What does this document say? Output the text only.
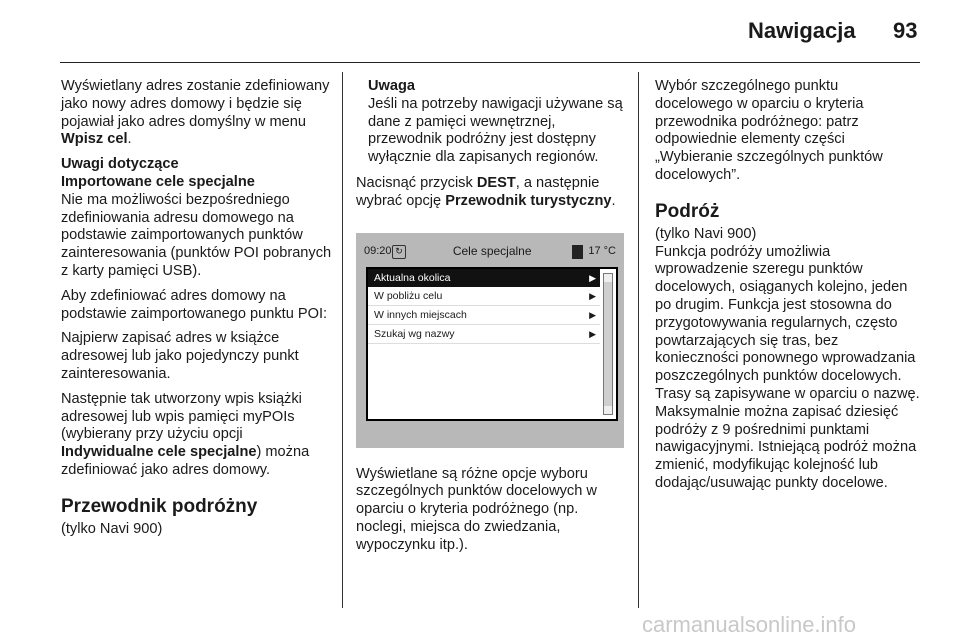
Nawigacja 93

Wyświetlany adres zostanie zdefiniowany jako nowy adres domowy i będzie się pojawiał jako adres domyślny w menu Wpisz cel.

Uwagi dotyczące
Importowane cele specjalne
Nie ma możliwości bezpośredniego zdefiniowania adresu domowego na podstawie zaimportowanych punktów zainteresowania (punktów POI pobranych z karty pamięci USB).

Aby zdefiniować adres domowy na podstawie zaimportowanego punktu POI:

Najpierw zapisać adres w książce adresowej lub jako pojedynczy punkt zainteresowania.

Następnie tak utworzony wpis książki adresowej lub wpis pamięci myPOIs (wybierany przy użyciu opcji Indywidualne cele specjalne) można zdefiniować jako adres domowy.

Przewodnik podróżny
(tylko Navi 900)
Uwaga
Jeśli na potrzeby nawigacji używane są dane z pamięci wewnętrznej, przewodnik podróżny jest dostępny wyłącznie dla zapisanych regionów.

Nacisnąć przycisk DEST, a następnie wybrać opcję Przewodnik turystyczny.

09:20 ↻	Cele specjalne	17 °C
Aktualna okolica	▶
W pobliżu celu	▶
W innych miejscach	▶
Szukaj wg nazwy	▶

Wyświetlane są różne opcje wyboru szczególnych punktów docelowych w oparciu o kryteria podróżnego (np. noclegi, miejsca do zwiedzania, wypoczynku itp.).

Wybór szczególnego punktu docelowego w oparciu o kryteria przewodnika podróżnego: patrz odpowiednie elementy części „Wybieranie szczególnych punktów docelowych”.

Podróż
(tylko Navi 900)

Funkcja podróży umożliwia wprowadzenie szeregu punktów docelowych, osiąganych kolejno, jeden po drugim. Funkcja jest stosowna do przygotowywania regularnych, często powtarzających się tras, bez konieczności ponownego wprowadzania poszczególnych punktów docelowych. Trasy są zapisywane w oparciu o nazwę. Maksymalnie można zapisać dziesięć podróży z 9 pośrednimi punktami nawigacyjnymi. Istniejącą podróż można zmienić, modyfikując kolejność lub dodając/usuwając punkty docelowe.

carmanualsonline.info
